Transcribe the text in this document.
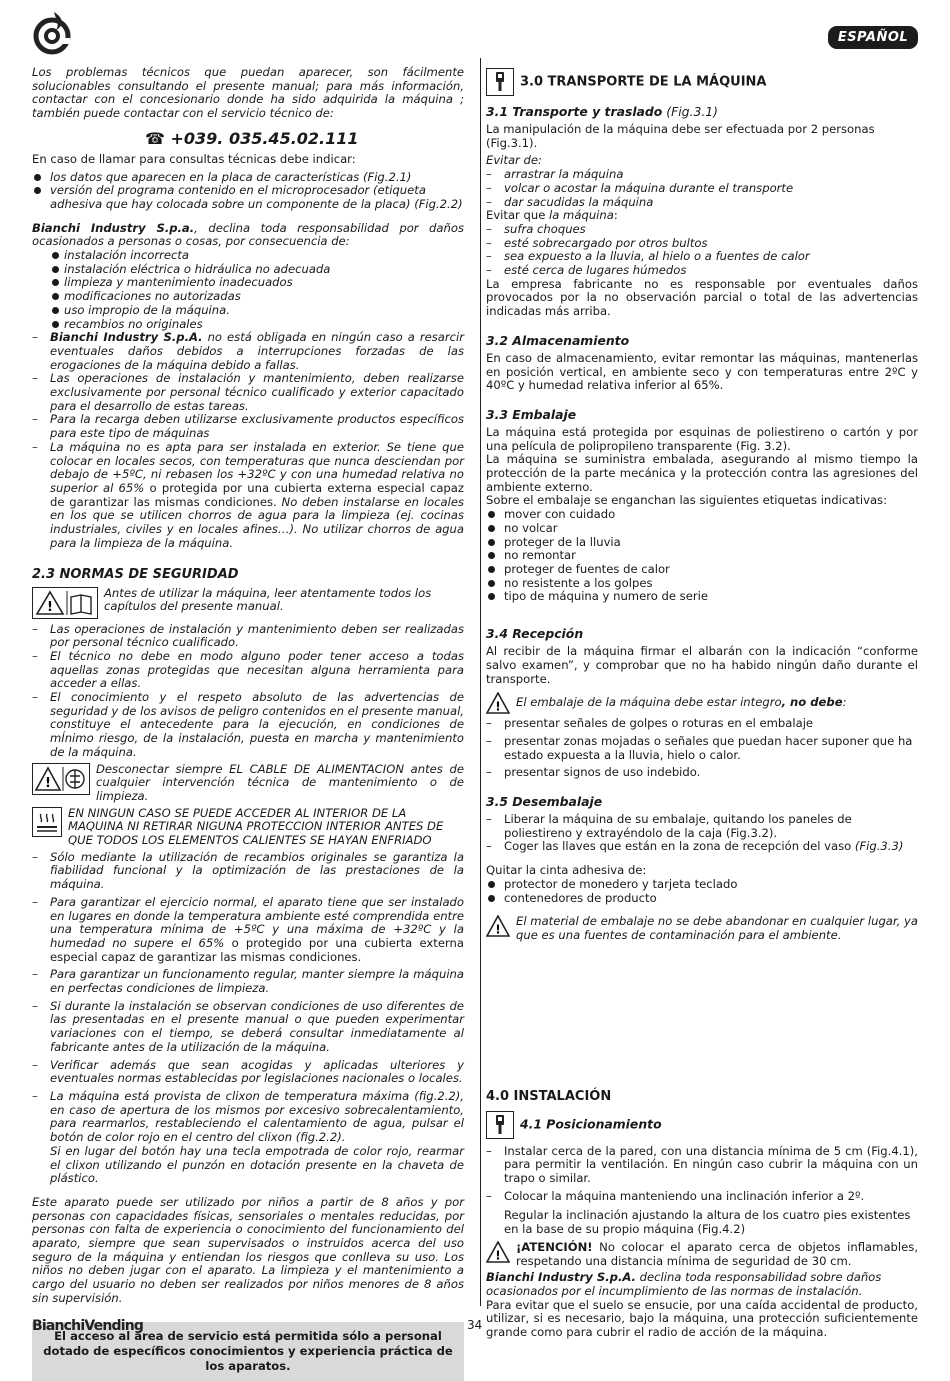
ESPAÑOL

Los problemas técnicos que puedan aparecer, son fácilmente solucionables consultando el presente manual; para más información, contactar con el concesionario donde ha sido adquirida la máquina ; también puede contactar con el servicio técnico de:

☎ +039. 035.45.02.111

En caso de llamar para consultas técnicas debe indicar:

los datos que aparecen en la placa de características (Fig.2.1)
versión del programa contenido en el microprocesador (etiqueta adhesiva que hay colocada sobre un componente de la placa) (Fig.2.2)

Bianchi Industry S.p.a., declina toda responsabilidad por daños ocasionados a personas o cosas, por consecuencia de:

instalación incorrecta
instalación eléctrica o hidráulica no adecuada
limpieza y mantenimiento inadecuados
modificaciones no autorizadas
uso impropio de la máquina.
recambios no originales
– Bianchi Industry S.p.A. no está obligada en ningún caso a resarcir eventuales daños debidos a interrupciones forzadas de las erogaciones de la máquina debido a fallas.
– Las operaciones de instalación y mantenimiento, deben realizarse exclusivamente por personal técnico cualificado y exterior capacitado para el desarrollo de estas tareas.
– Para la recarga deben utilizarse exclusivamente productos específicos para este tipo de máquinas
– La máquina no es apta para ser instalada en exterior. Se tiene que colocar en locales secos, con temperaturas que nunca desciendan por debajo de +5ºC, ni rebasen los +32ºC y con una humedad relativa no superior al 65% o protegida por una cubierta externa especial capaz de garantizar las mismas condiciones. No deben instalarse en locales en los que se utilicen chorros de agua para la limpieza (ej. cocinas industriales, civiles y en locales afines…). No utilizar chorros de agua para la limpieza de la máquina.
2.3 NORMAS DE SEGURIDAD
!

Antes de utilizar la máquina, leer atentamente todos los capítulos del presente manual.

– Las operaciones de instalación y mantenimiento deben ser realizadas por personal técnico cualificado.
– El técnico no debe en modo alguno poder tener acceso a todas aquellas zonas protegidas que necesitan alguna herramienta para acceder a ellas.
– El conocimiento y el respeto absoluto de las advertencias de seguridad y de los avisos de peligro contenidos en el presente manual, constituye el antecedente para la ejecución, en condiciones de mÍnimo riesgo, de la instalación, puesta en marcha y mantenimiento de la máquina.
!

Desconectar siempre EL CABLE DE ALIMENTACION antes de cualquier intervención técnica de mantenimiento o de limpieza.

EN NINGUN CASO SE PUEDE ACCEDER AL INTERIOR DE LA MAQUINA NI RETIRAR NIGUNA PROTECCION INTERIOR ANTES DE QUE TODOS LOS ELEMENTOS CALIENTES SE HAYAN ENFRIADO

– Sólo mediante la utilización de recambios originales se garantiza la fiabilidad funcional y la optimización de las prestaciones de la máquina.
– Para garantizar el ejercicio normal, el aparato tiene que ser instalado en lugares en donde la temperatura ambiente esté comprendida entre una temperatura mínima de +5ºC y una máxima de +32ºC y la humedad no supere el 65% o protegido por una cubierta externa especial capaz de garantizar las mismas condiciones.
– Para garantizar un funcionamento regular, manter siempre la máquina en perfectas condiciones de limpieza.
– Si durante la instalación se observan condiciones de uso diferentes de las presentadas en el presente manual o que pueden experimentar variaciones con el tiempo, se deberá consultar inmediatamente al fabricante antes de la utilización de la máquina.
– Verificar además que sean acogidas y aplicadas ulteriores y eventuales normas establecidas por legislaciones nacionales o locales.
– La máquina está provista de clixon de temperatura máxima (fig.2.2), en caso de apertura de los mismos por excesivo sobrecalentamiento, para rearmarlos, restableciendo el calentamiento de agua, pulsar el botón de color rojo en el centro del clixon (fig.2.2).
Si en lugar del botón hay una tecla empotrada de color rojo, rearmar el clixon utilizando el punzón en dotación presente en la chaveta de plástico.

Este aparato puede ser utilizado por niños a partir de 8 años y por personas con capacidades físicas, sensoriales o mentales reducidas, por personas con falta de experiencia o conocimiento del funcionamiento del aparato, siempre que sean supervisados o instruidos acerca del uso seguro de la máquina y entiendan los riesgos que conlleva su uso. Los niños no deben jugar con el aparato. La limpieza y el mantenimiento a cargo del usuario no deben ser realizados por niños menores de 8 años sin supervisión.

El acceso al área de servicio está permitida sólo a personal dotado de específicos conocimientos y experiencia práctica de los aparatos.
3.0 TRANSPORTE DE LA MÁQUINA
3.1 Transporte y traslado (Fig.3.1)

La manipulación de la máquina debe ser efectuada por 2 personas (Fig.3.1).

Evitar de:

– arrastrar la máquina
– volcar o acostar la máquina durante el transporte
– dar sacudidas la máquina

Evitar que la máquina:

– sufra choques
– esté sobrecargado por otros bultos
– sea expuesto a la lluvia, al hielo o a fuentes de calor
– esté cerca de lugares húmedos

La empresa fabricante no es responsable por eventuales daños provocados por la no observación parcial o total de las advertencias indicadas más arriba.

3.2 Almacenamiento

En caso de almacenamiento, evitar remontar las máquinas, mantenerlas en posición vertical, en ambiente seco y con temperaturas entre 2ºC y 40ºC y humedad relativa inferior al 65%.

3.3 Embalaje

La máquina está protegida por esquinas de poliestireno o cartón y por una película de polipropileno transparente (Fig. 3.2).

La máquina se suministra embalada, asegurando al mismo tiempo la protección de la parte mecánica y la protección contra las agresiones del ambiente externo.

Sobre el embalaje se enganchan las siguientes etiquetas indicativas:

mover con cuidado
no volcar
proteger de la lluvia
no remontar
proteger de fuentes de calor
no resistente a los golpes
tipo de máquina y numero de serie
3.4 Recepción

Al recibir de la máquina firmar el albarán con la indicación “conforme salvo examen”, y comprobar que no ha habido ningún daño durante el transporte.

! El embalaje de la máquina debe estar integro, no debe:

– presentar señales de golpes o roturas en el embalaje
– presentar zonas mojadas o señales que puedan hacer suponer que ha estado expuesta a la lluvia, hielo o calor.
– presentar signos de uso indebido.
3.5 Desembalaje
– Liberar la máquina de su embalaje, quitando los paneles de poliestireno y extrayéndolo de la caja (Fig.3.2).
– Coger las llaves que están en la zona de recepción del vaso (Fig.3.3)

Quitar la cinta adhesiva de:

protector de monedero y tarjeta teclado
contenedores de producto
!

El material de embalaje no se debe abandonar en cualquier lugar, ya que es una fuentes de contaminación para el ambiente.

4.0 INSTALACIÓN
4.1 Posicionamiento
– Instalar cerca de la pared, con una distancia mínima de 5 cm (Fig.4.1), para permitir la ventilación. En ningún caso cubrir la máquina con un trapo o similar.
– Colocar la máquina manteniendo una inclinación inferior a 2º.

Regular la inclinación ajustando la altura de los cuatro pies existentes en la base de su propio máquina (Fig.4.2)

!

¡ATENCIÓN! No colocar el aparato cerca de objetos inflamables, respetando una distancia mínima de seguridad de 30 cm.

Bianchi Industry S.p.A. declina toda responsabilidad sobre daños ocasionados por el incumplimiento de las normas de instalación.

Para evitar que el suelo se ensucie, por una caída accidental de producto, utilizar, si es necesario, bajo la máquina, una protección suficientemente grande como para cubrir el radio de acción de la máquina.

BianchiVending	34
